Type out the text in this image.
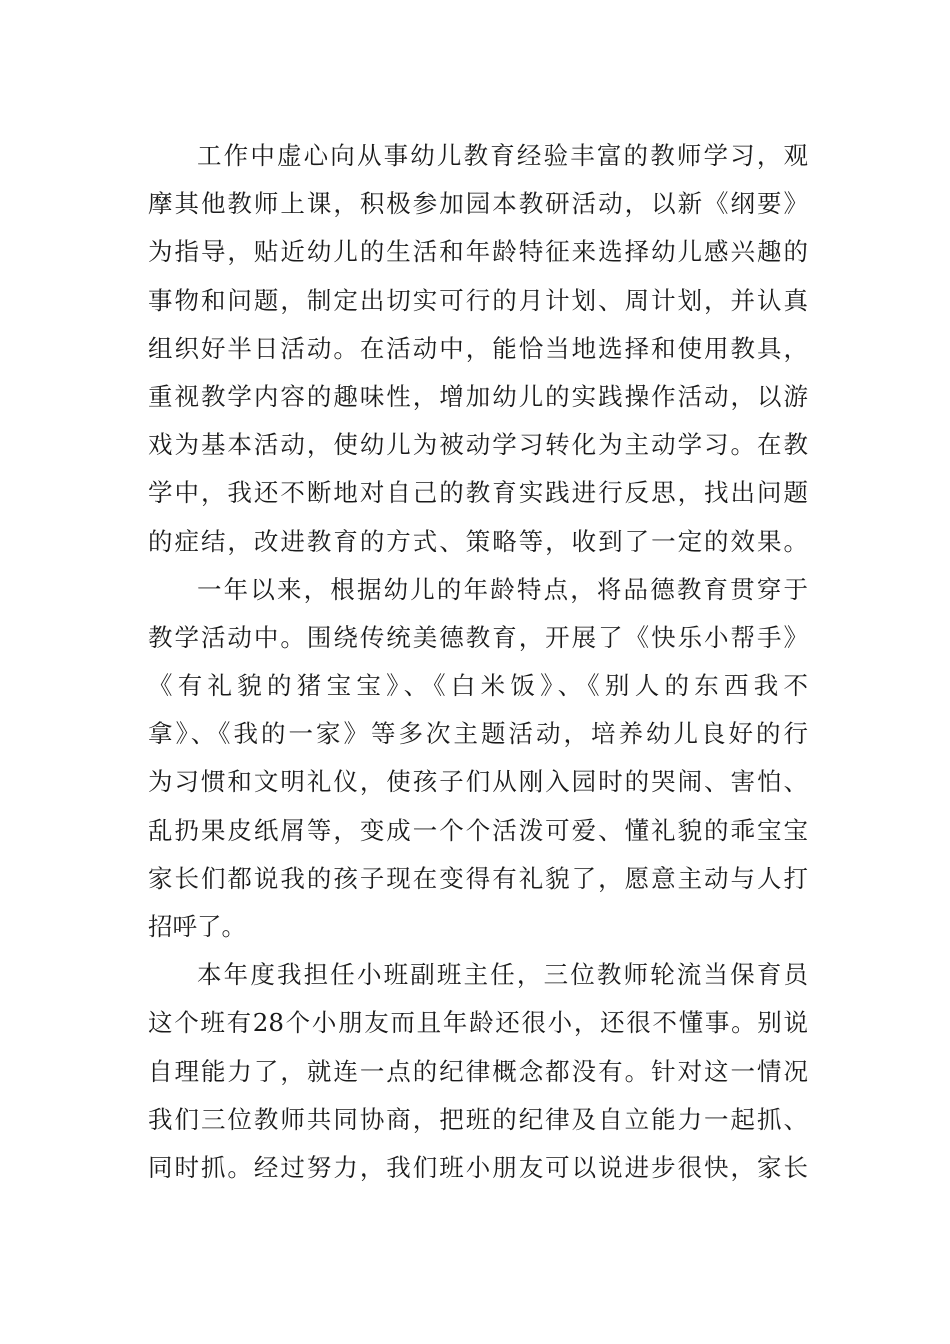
工作中虚心向从事幼儿教育经验丰富的教师学习，观
摩其他教师上课，积极参加园本教研活动，以新《纲要》
为指导，贴近幼儿的生活和年龄特征来选择幼儿感兴趣的
事物和问题，制定出切实可行的月计划、周计划，并认真
组织好半日活动。在活动中，能恰当地选择和使用教具，
重视教学内容的趣味性，增加幼儿的实践操作活动，以游
戏为基本活动，使幼儿为被动学习转化为主动学习。在教
学中，我还不断地对自己的教育实践进行反思，找出问题
的症结，改进教育的方式、策略等，收到了一定的效果。
一年以来，根据幼儿的年龄特点，将品德教育贯穿于
教学活动中。围绕传统美德教育，开展了《快乐小帮手》
《有礼貌的猪宝宝》、《白米饭》、《别人的东西我不
拿》、《我的一家》等多次主题活动，培养幼儿良好的行
为习惯和文明礼仪，使孩子们从刚入园时的哭闹、害怕、
乱扔果皮纸屑等，变成一个个活泼可爱、懂礼貌的乖宝宝
家长们都说我的孩子现在变得有礼貌了，愿意主动与人打
招呼了。
本年度我担任小班副班主任，三位教师轮流当保育员
这个班有28个小朋友而且年龄还很小，还很不懂事。别说
自理能力了，就连一点的纪律概念都没有。针对这一情况
我们三位教师共同协商，把班的纪律及自立能力一起抓、
同时抓。经过努力，我们班小朋友可以说进步很快，家长
